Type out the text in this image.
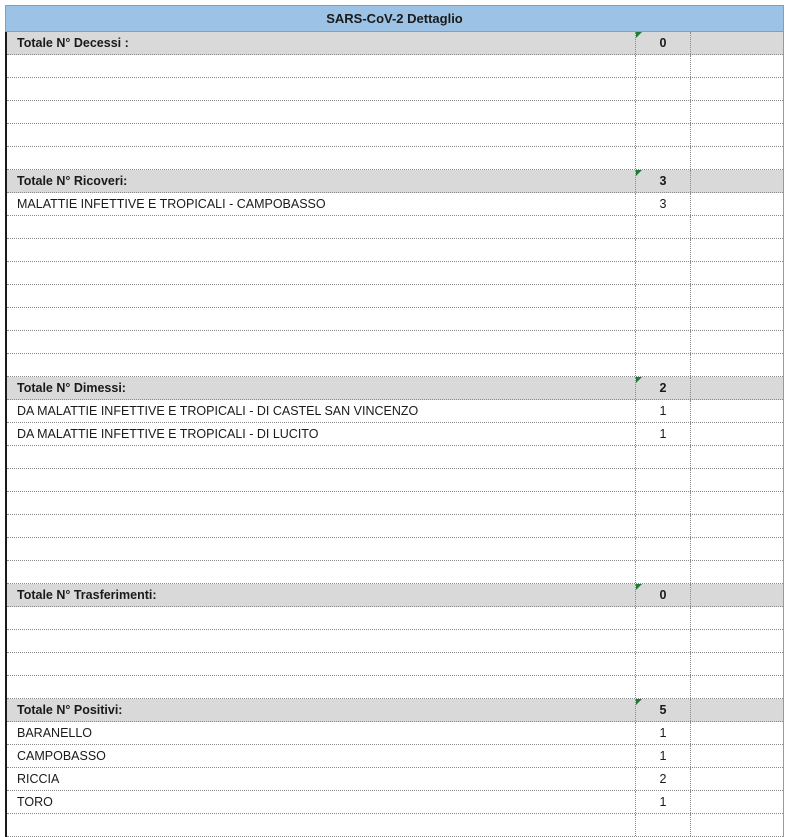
SARS-CoV-2 Dettaglio
Totale N° Decessi :	0
Totale N° Ricoveri:	3
MALATTIE INFETTIVE E TROPICALI - CAMPOBASSO	3
Totale N° Dimessi:	2
DA MALATTIE INFETTIVE E TROPICALI - DI CASTEL SAN VINCENZO	1
DA MALATTIE INFETTIVE E TROPICALI - DI LUCITO	1
Totale N° Trasferimenti:	0
Totale N° Positivi:	5
BARANELLO	1
CAMPOBASSO	1
RICCIA	2
TORO	1
